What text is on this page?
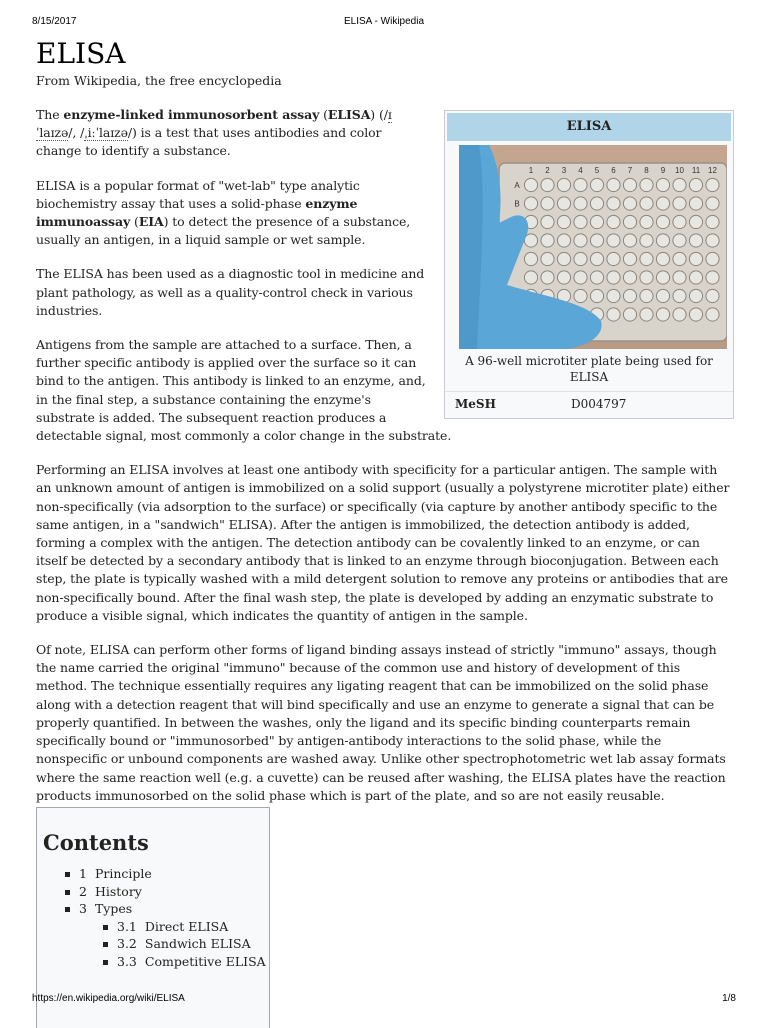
8/15/2017	ELISA - Wikipedia
ELISA
From Wikipedia, the free encyclopedia
ELISA
1 2 3 4 5 6 7 8 9 10 11 12
A
B
A 96-well microtiter plate being used for ELISA
MeSH	D004797

The enzyme-linked immunosorbent assay (ELISA) (/ɪˈlaɪzə/, /ˌiːˈlaɪzə/) is a test that uses antibodies and color change to identify a substance.

ELISA is a popular format of "wet-lab" type analytic biochemistry assay that uses a solid-phase enzyme immunoassay (EIA) to detect the presence of a substance, usually an antigen, in a liquid sample or wet sample.

The ELISA has been used as a diagnostic tool in medicine and plant pathology, as well as a quality-control check in various industries.

Antigens from the sample are attached to a surface. Then, a further specific antibody is applied over the surface so it can bind to the antigen. This antibody is linked to an enzyme, and, in the final step, a substance containing the enzyme's substrate is added. The subsequent reaction produces a detectable signal, most commonly a color change in the substrate.

Performing an ELISA involves at least one antibody with specificity for a particular antigen. The sample with an unknown amount of antigen is immobilized on a solid support (usually a polystyrene microtiter plate) either non-specifically (via adsorption to the surface) or specifically (via capture by another antibody specific to the same antigen, in a "sandwich" ELISA). After the antigen is immobilized, the detection antibody is added, forming a complex with the antigen. The detection antibody can be covalently linked to an enzyme, or can itself be detected by a secondary antibody that is linked to an enzyme through bioconjugation. Between each step, the plate is typically washed with a mild detergent solution to remove any proteins or antibodies that are non-specifically bound. After the final wash step, the plate is developed by adding an enzymatic substrate to produce a visible signal, which indicates the quantity of antigen in the sample.

Of note, ELISA can perform other forms of ligand binding assays instead of strictly "immuno" assays, though the name carried the original "immuno" because of the common use and history of development of this method. The technique essentially requires any ligating reagent that can be immobilized on the solid phase along with a detection reagent that will bind specifically and use an enzyme to generate a signal that can be properly quantified. In between the washes, only the ligand and its specific binding counterparts remain specifically bound or "immunosorbed" by antigen-antibody interactions to the solid phase, while the nonspecific or unbound components are washed away. Unlike other spectrophotometric wet lab assay formats where the same reaction well (e.g. a cuvette) can be reused after washing, the ELISA plates have the reaction products immunosorbed on the solid phase which is part of the plate, and so are not easily reusable.

Contents
1 Principle
2 History
3 Types
3.1 Direct ELISA
3.2 Sandwich ELISA
3.3 Competitive ELISA
https://en.wikipedia.org/wiki/ELISA	1/8
